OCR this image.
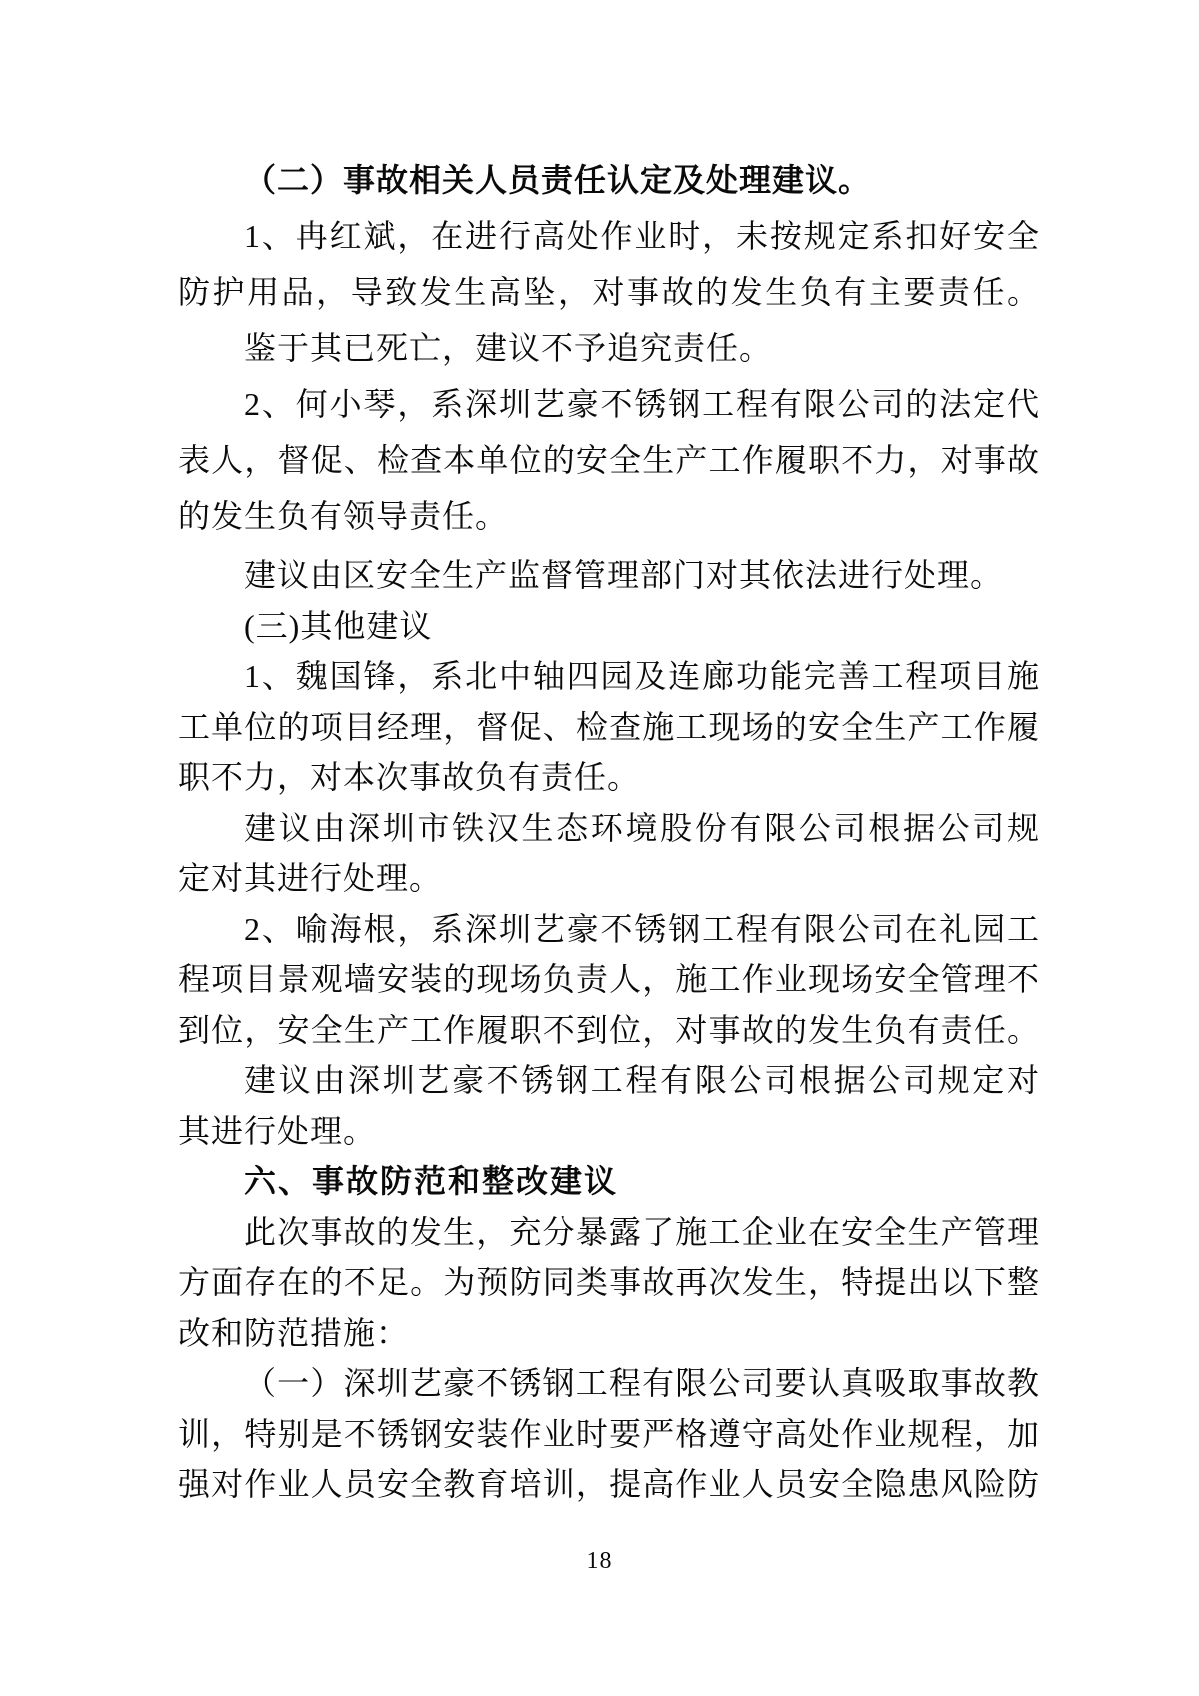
（二）事故相关人员责任认定及处理建议。
1、冉红斌，在进行高处作业时，未按规定系扣好安全
防护用品，导致发生高坠，对事故的发生负有主要责任。
鉴于其已死亡，建议不予追究责任。
2、何小琴，系深圳艺豪不锈钢工程有限公司的法定代
表人，督促、检查本单位的安全生产工作履职不力，对事故
的发生负有领导责任。
建议由区安全生产监督管理部门对其依法进行处理。
(三)其他建议
1、魏国锋，系北中轴四园及连廊功能完善工程项目施
工单位的项目经理，督促、检查施工现场的安全生产工作履
职不力，对本次事故负有责任。
建议由深圳市铁汉生态环境股份有限公司根据公司规
定对其进行处理。
2、喻海根，系深圳艺豪不锈钢工程有限公司在礼园工
程项目景观墙安装的现场负责人，施工作业现场安全管理不
到位，安全生产工作履职不到位，对事故的发生负有责任。
建议由深圳艺豪不锈钢工程有限公司根据公司规定对
其进行处理。
六、事故防范和整改建议
此次事故的发生，充分暴露了施工企业在安全生产管理
方面存在的不足。为预防同类事故再次发生，特提出以下整
改和防范措施：
（一）深圳艺豪不锈钢工程有限公司要认真吸取事故教
训，特别是不锈钢安装作业时要严格遵守高处作业规程，加
强对作业人员安全教育培训，提高作业人员安全隐患风险防
18
